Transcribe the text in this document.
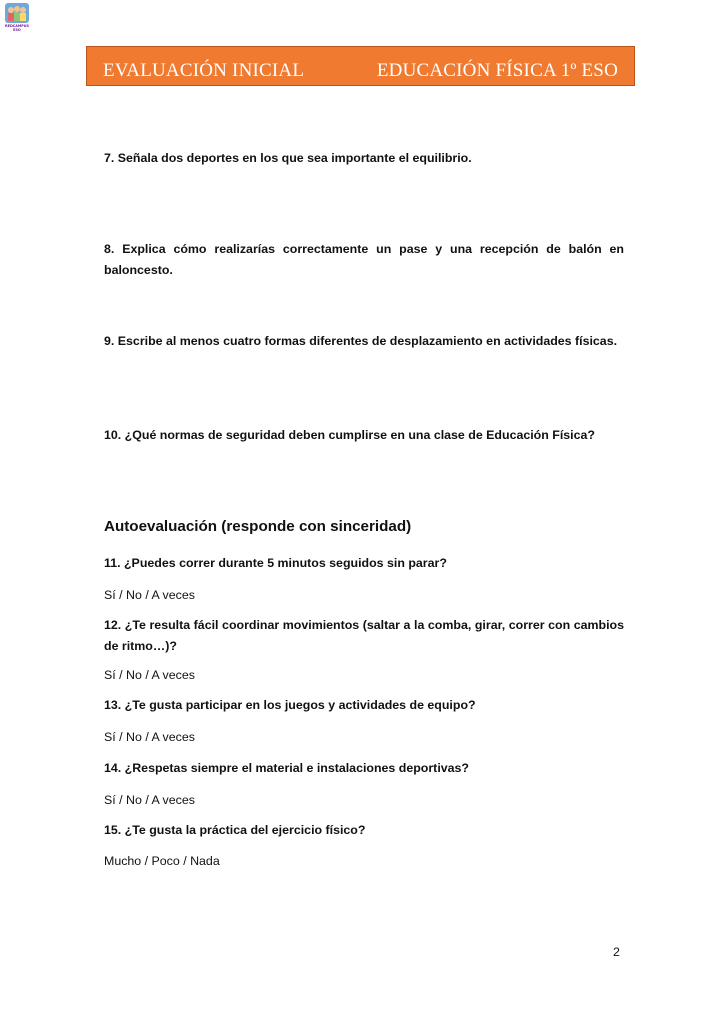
REDCAMPUS
ESO
EVALUACIÓN INICIAL	EDUCACIÓN FÍSICA 1º ESO
7. Señala dos deportes en los que sea importante el equilibrio.
8. Explica cómo realizarías correctamente un pase y una recepción de balón en baloncesto.
9. Escribe al menos cuatro formas diferentes de desplazamiento en actividades físicas.
10. ¿Qué normas de seguridad deben cumplirse en una clase de Educación Física?
Autoevaluación (responde con sinceridad)
11. ¿Puedes correr durante 5 minutos seguidos sin parar?
Sí / No / A veces
12. ¿Te resulta fácil coordinar movimientos (saltar a la comba, girar, correr con cambios de ritmo…)?
Sí / No / A veces
13. ¿Te gusta participar en los juegos y actividades de equipo?
Sí / No / A veces
14. ¿Respetas siempre el material e instalaciones deportivas?
Sí / No / A veces
15. ¿Te gusta la práctica del ejercicio físico?
Mucho / Poco / Nada
2
